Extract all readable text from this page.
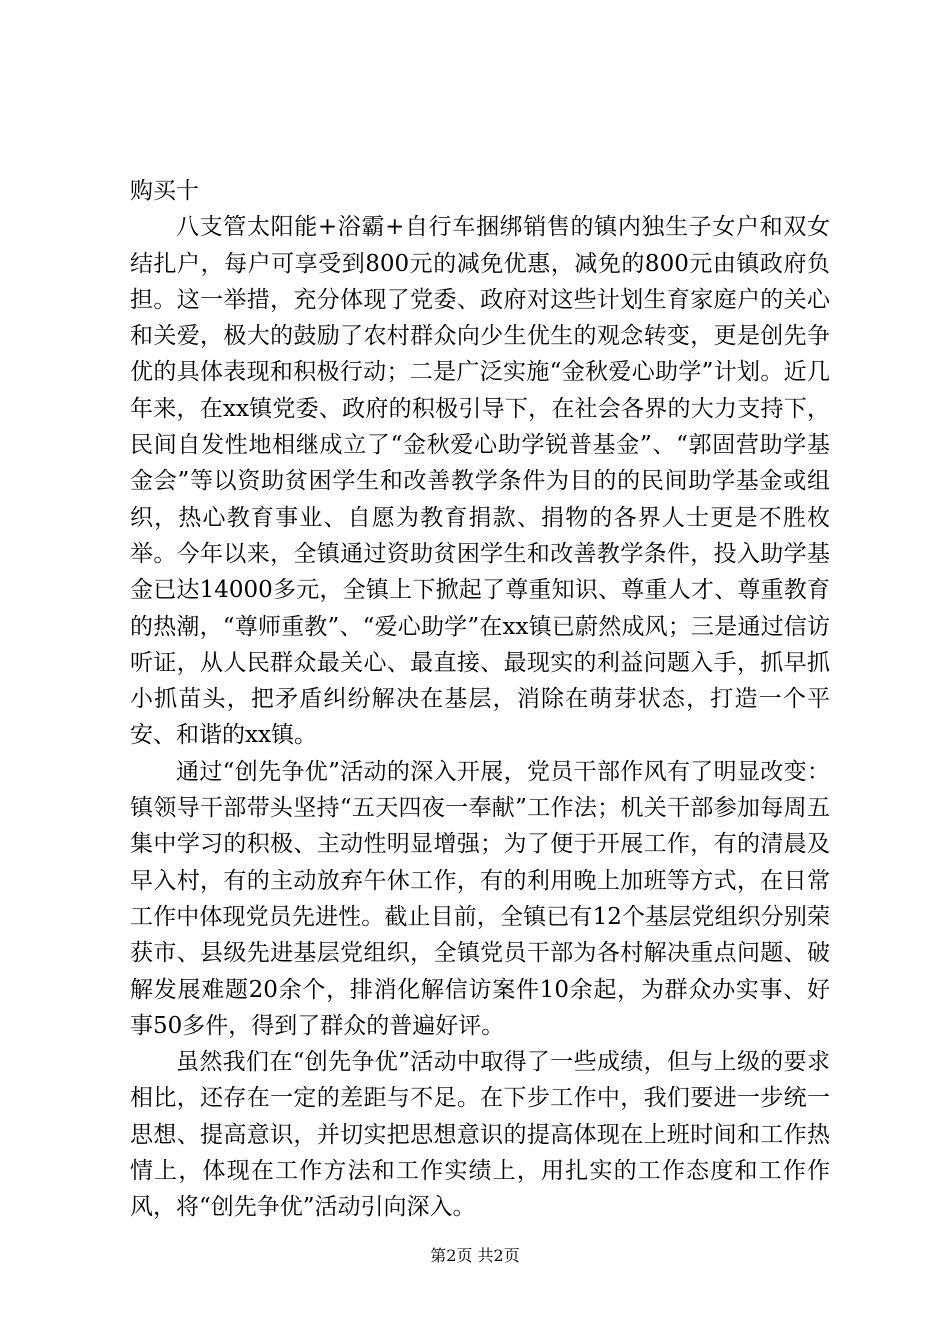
购买十

八支管太阳能+浴霸+自行车捆绑销售的镇内独生子女户和双女结扎户，每户可享受到800元的减免优惠，减免的800元由镇政府负担。这一举措，充分体现了党委、政府对这些计划生育家庭户的关心和关爱，极大的鼓励了农村群众向少生优生的观念转变，更是创先争优的具体表现和积极行动；二是广泛实施“金秋爱心助学”计划。近几年来，在xx镇党委、政府的积极引导下，在社会各界的大力支持下，民间自发性地相继成立了“金秋爱心助学锐普基金”、“郭固营助学基金会”等以资助贫困学生和改善教学条件为目的的民间助学基金或组织，热心教育事业、自愿为教育捐款、捐物的各界人士更是不胜枚举。今年以来，全镇通过资助贫困学生和改善教学条件，投入助学基金已达14000多元，全镇上下掀起了尊重知识、尊重人才、尊重教育的热潮，“尊师重教”、“爱心助学”在xx镇已蔚然成风；三是通过信访听证，从人民群众最关心、最直接、最现实的利益问题入手，抓早抓小抓苗头，把矛盾纠纷解决在基层，消除在萌芽状态，打造一个平安、和谐的xx镇。

通过“创先争优”活动的深入开展，党员干部作风有了明显改变：镇领导干部带头坚持“五天四夜一奉献”工作法；机关干部参加每周五集中学习的积极、主动性明显增强；为了便于开展工作，有的清晨及早入村，有的主动放弃午休工作，有的利用晚上加班等方式，在日常工作中体现党员先进性。截止目前，全镇已有12个基层党组织分别荣获市、县级先进基层党组织，全镇党员干部为各村解决重点问题、破解发展难题20余个，排消化解信访案件10余起，为群众办实事、好事50多件，得到了群众的普遍好评。

虽然我们在“创先争优”活动中取得了一些成绩，但与上级的要求相比，还存在一定的差距与不足。在下步工作中，我们要进一步统一思想、提高意识，并切实把思想意识的提高体现在上班时间和工作热情上，体现在工作方法和工作实绩上，用扎实的工作态度和工作作风，将“创先争优”活动引向深入。

第2页 共2页
